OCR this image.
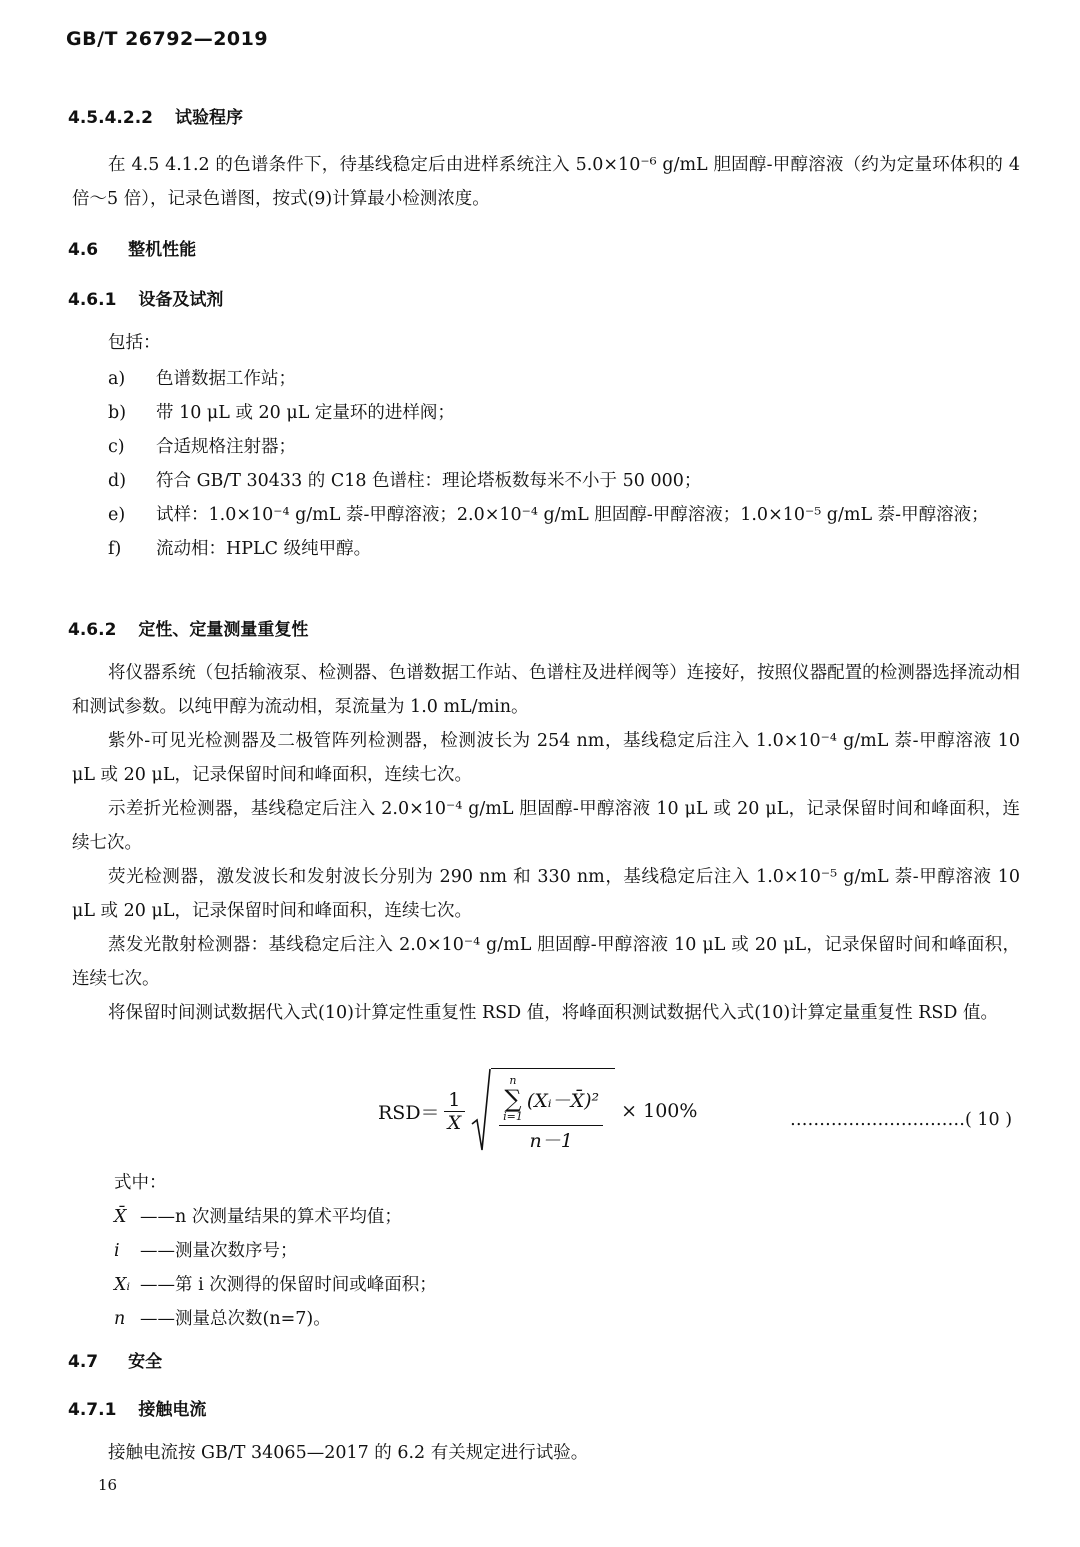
GB/T 26792—2019
4.5.4.2.2 试验程序

在 4.5 4.1.2 的色谱条件下，待基线稳定后由进样系统注入 5.0×10⁻⁶ g/mL 胆固醇-甲醇溶液（约为定量环体积的 4 倍～5 倍），记录色谱图，按式(9)计算最小检测浓度。

4.6 整机性能
4.6.1 设备及试剂
包括：
a)	色谱数据工作站；
b)	带 10 μL 或 20 μL 定量环的进样阀；
c)	合适规格注射器；
d)	符合 GB/T 30433 的 C18 色谱柱：理论塔板数每米不小于 50 000；
e)	试样：1.0×10⁻⁴ g/mL 萘-甲醇溶液；2.0×10⁻⁴ g/mL 胆固醇-甲醇溶液；1.0×10⁻⁵ g/mL 萘-甲醇溶液；
f)	流动相：HPLC 级纯甲醇。
4.6.2 定性、定量测量重复性

将仪器系统（包括输液泵、检测器、色谱数据工作站、色谱柱及进样阀等）连接好，按照仪器配置的检测器选择流动相和测试参数。以纯甲醇为流动相，泵流量为 1.0 mL/min。

紫外-可见光检测器及二极管阵列检测器，检测波长为 254 nm，基线稳定后注入 1.0×10⁻⁴ g/mL 萘-甲醇溶液 10 μL 或 20 μL，记录保留时间和峰面积，连续七次。

示差折光检测器，基线稳定后注入 2.0×10⁻⁴ g/mL 胆固醇-甲醇溶液 10 μL 或 20 μL，记录保留时间和峰面积，连续七次。

荧光检测器，激发波长和发射波长分别为 290 nm 和 330 nm，基线稳定后注入 1.0×10⁻⁵ g/mL 萘-甲醇溶液 10 μL 或 20 μL，记录保留时间和峰面积，连续七次。

蒸发光散射检测器：基线稳定后注入 2.0×10⁻⁴ g/mL 胆固醇-甲醇溶液 10 μL 或 20 μL，记录保留时间和峰面积，连续七次。

将保留时间测试数据代入式(10)计算定性重复性 RSD 值，将峰面积测试数据代入式(10)计算定量重复性 RSD 值。

$RSD= \frac{1}{X}$
n
∑
i=1
(Xᵢ－X̄)²
n－1
× 100%	…………………………( 10 )
式中：
X̄ ——n 次测量结果的算术平均值；
i	——测量次数序号；
Xᵢ ——第 i 次测得的保留时间或峰面积；
n ——测量总次数(n=7)。
4.7 安全
4.7.1 接触电流

接触电流按 GB/T 34065—2017 的 6.2 有关规定进行试验。

16
